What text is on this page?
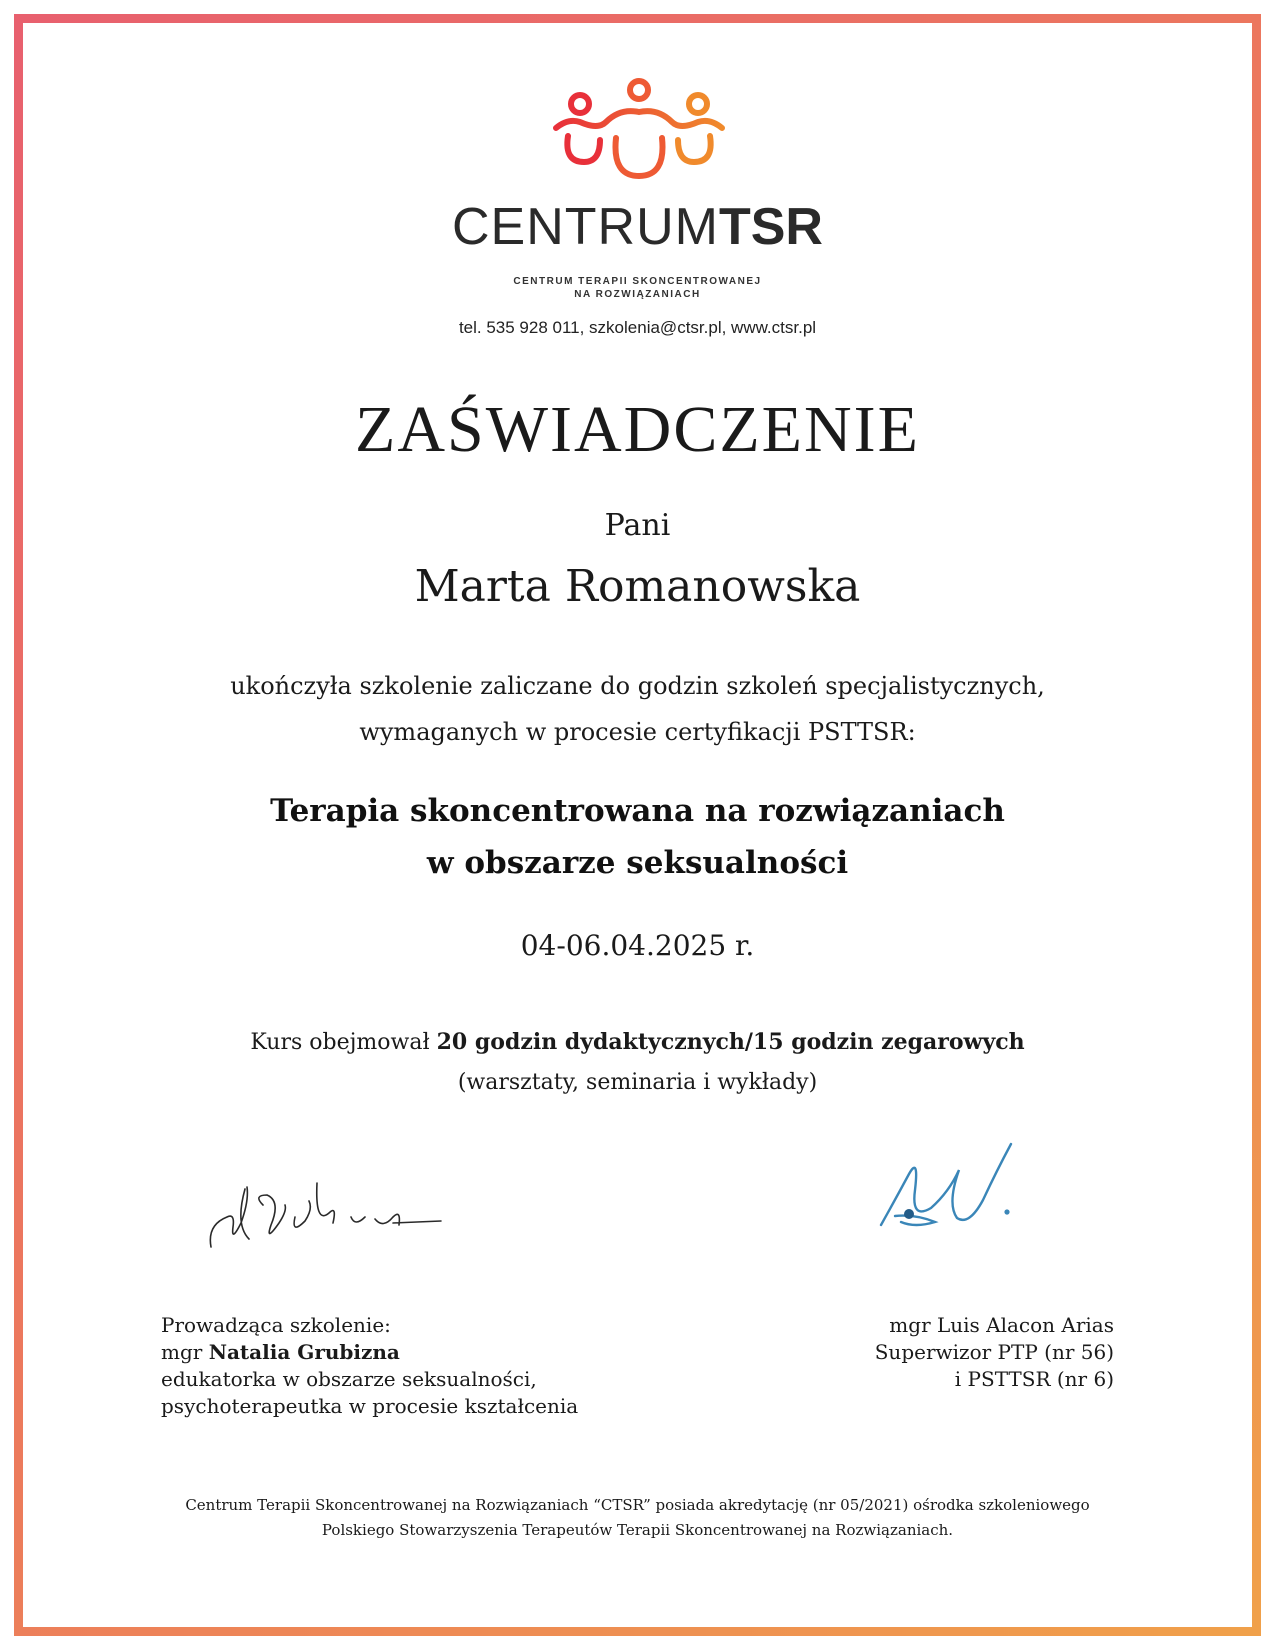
CENTRUMTSR
CENTRUM TERAPII SKONCENTROWANEJ
NA ROZWIĄZANIACH
tel. 535 928 011, szkolenia@ctsr.pl, www.ctsr.pl
ZAŚWIADCZENIE
Pani
Marta Romanowska
ukończyła szkolenie zaliczane do godzin szkoleń specjalistycznych,
wymaganych w procesie certyfikacji PSTTSR:
Terapia skoncentrowana na rozwiązaniach
w obszarze seksualności
04-06.04.2025 r.
Kurs obejmował 20 godzin dydaktycznych/15 godzin zegarowych
(warsztaty, seminaria i wykłady)
Prowadząca szkolenie:
mgr Natalia Grubizna
edukatorka w obszarze seksualności,
psychoterapeutka w procesie kształcenia
mgr Luis Alacon Arias
Superwizor PTP (nr 56)
i PSTTSR (nr 6)
Centrum Terapii Skoncentrowanej na Rozwiązaniach “CTSR” posiada akredytację (nr 05/2021) ośrodka szkoleniowego
Polskiego Stowarzyszenia Terapeutów Terapii Skoncentrowanej na Rozwiązaniach.
